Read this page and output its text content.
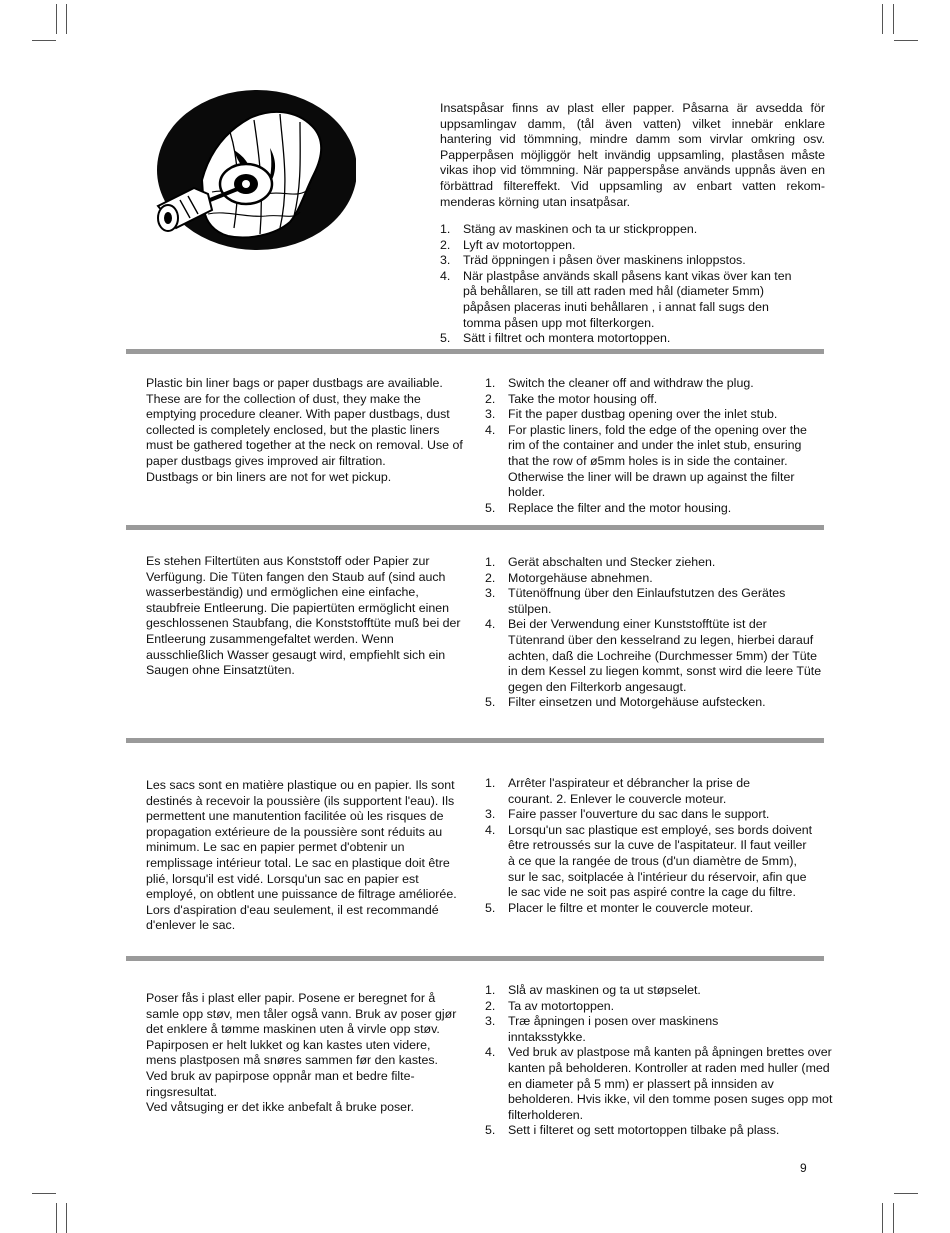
Insatspåsar finns av plast eller papper. Påsarna är avsedda för uppsamlingav damm, (tål även vatten) vilket innebär enklare hantering vid tömmning, mindre damm som virvlar omkring osv. Papperpåsen möjliggör helt invändig uppsamling, plaståsen måste vikas ihop vid tömmning. När papperspåse används uppnås även en förbättrad filtereffekt. Vid uppsamling av enbart vatten rekom-menderas körning utan insatpåsar.

1. Stäng av maskinen och ta ur stickproppen.
2. Lyft av motortoppen.
3. Träd öppningen i påsen över maskinens inloppstos.
4. När plastpåse används skall påsens kant vikas över kan ten på behållaren, se till att raden med hål (diameter 5mm) påpåsen placeras inuti behållaren , i annat fall sugs den tomma påsen upp mot filterkorgen.
5. Sätt i filtret och montera motortoppen.

Plastic bin liner bags or paper dustbags are availiable. These are for the collection of dust, they make the emptying procedure cleaner. With paper dustbags, dust collected is completely enclosed, but the plastic liners must be gathered together at the neck on removal. Use of paper dustbags gives improved air filtration.
Dustbags or bin liners are not for wet pickup.

1. Switch the cleaner off and withdraw the plug.
2. Take the motor housing off.
3. Fit the paper dustbag opening over the inlet stub.
4. For plastic liners, fold the edge of the opening over the rim of the container and under the inlet stub, ensuring that the row of ø5mm holes is in side the container. Otherwise the liner will be drawn up against the filter holder.
5. Replace the filter and the motor housing.

Es stehen Filtertüten aus Konststoff oder Papier zur Verfügung. Die Tüten fangen den Staub auf (sind auch wasserbeständig) und ermöglichen eine einfache, staubfreie Entleerung. Die papiertüten ermöglicht einen geschlossenen Staubfang, die Konststofftüte muß bei der Entleerung zusammengefaltet werden. Wenn ausschließlich Wasser gesaugt wird, empfiehlt sich ein Saugen ohne Einsatztüten.

1. Gerät abschalten und Stecker ziehen.
2. Motorgehäuse abnehmen.
3. Tütenöffnung über den Einlaufstutzen des Gerätes stülpen.
4. Bei der Verwendung einer Kunststofftüte ist der Tütenrand über den kesselrand zu legen, hierbei darauf achten, daß die Lochreihe (Durchmesser 5mm) der Tüte in dem Kessel zu liegen kommt, sonst wird die leere Tüte gegen den Filterkorb angesaugt.
5. Filter einsetzen und Motorgehäuse aufstecken.

Les sacs sont en matière plastique ou en papier. Ils sont destinés à recevoir la poussière (ils supportent l'eau). Ils permettent une manutention facilitée où les risques de propagation extérieure de la poussière sont réduits au minimum. Le sac en papier permet d'obtenir un remplissage intérieur total. Le sac en plastique doit être plié, lorsqu'il est vidé. Lorsqu'un sac en papier est employé, on obtlent une puissance de filtrage améliorée. Lors d'aspiration d'eau seulement, il est recommandé d'enlever le sac.

1. Arrêter l'aspirateur et débrancher la prise de courant. 2. Enlever le couvercle moteur.
3. Faire passer l'ouverture du sac dans le support.
4. Lorsqu'un sac plastique est employé, ses bords doivent être retroussés sur la cuve de l'aspitateur. Il faut veiller à ce que la rangée de trous (d'un diamètre de 5mm), sur le sac, soitplacée à l'intérieur du réservoir, afin que le sac vide ne soit pas aspiré contre la cage du filtre.
5. Placer le filtre et monter le couvercle moteur.

Poser fås i plast eller papir. Posene er beregnet for å samle opp støv, men tåler også vann. Bruk av poser gjør det enklere å tømme maskinen uten å virvle opp støv. Papirposen er helt lukket og kan kastes uten videre, mens plastposen må snøres sammen før den kastes.
Ved bruk av papirpose oppnår man et bedre filte-ringsresultat.
Ved våtsuging er det ikke anbefalt å bruke poser.

1. Slå av maskinen og ta ut støpselet.
2. Ta av motortoppen.
3. Træ åpningen i posen over maskinens inntaksstykke.
4. Ved bruk av plastpose må kanten på åpningen brettes over kanten på beholderen. Kontroller at raden med huller (med en diameter på 5 mm) er plassert på innsiden av beholderen. Hvis ikke, vil den tomme posen suges opp mot filterholderen.
5. Sett i filteret og sett motortoppen tilbake på plass.
9
